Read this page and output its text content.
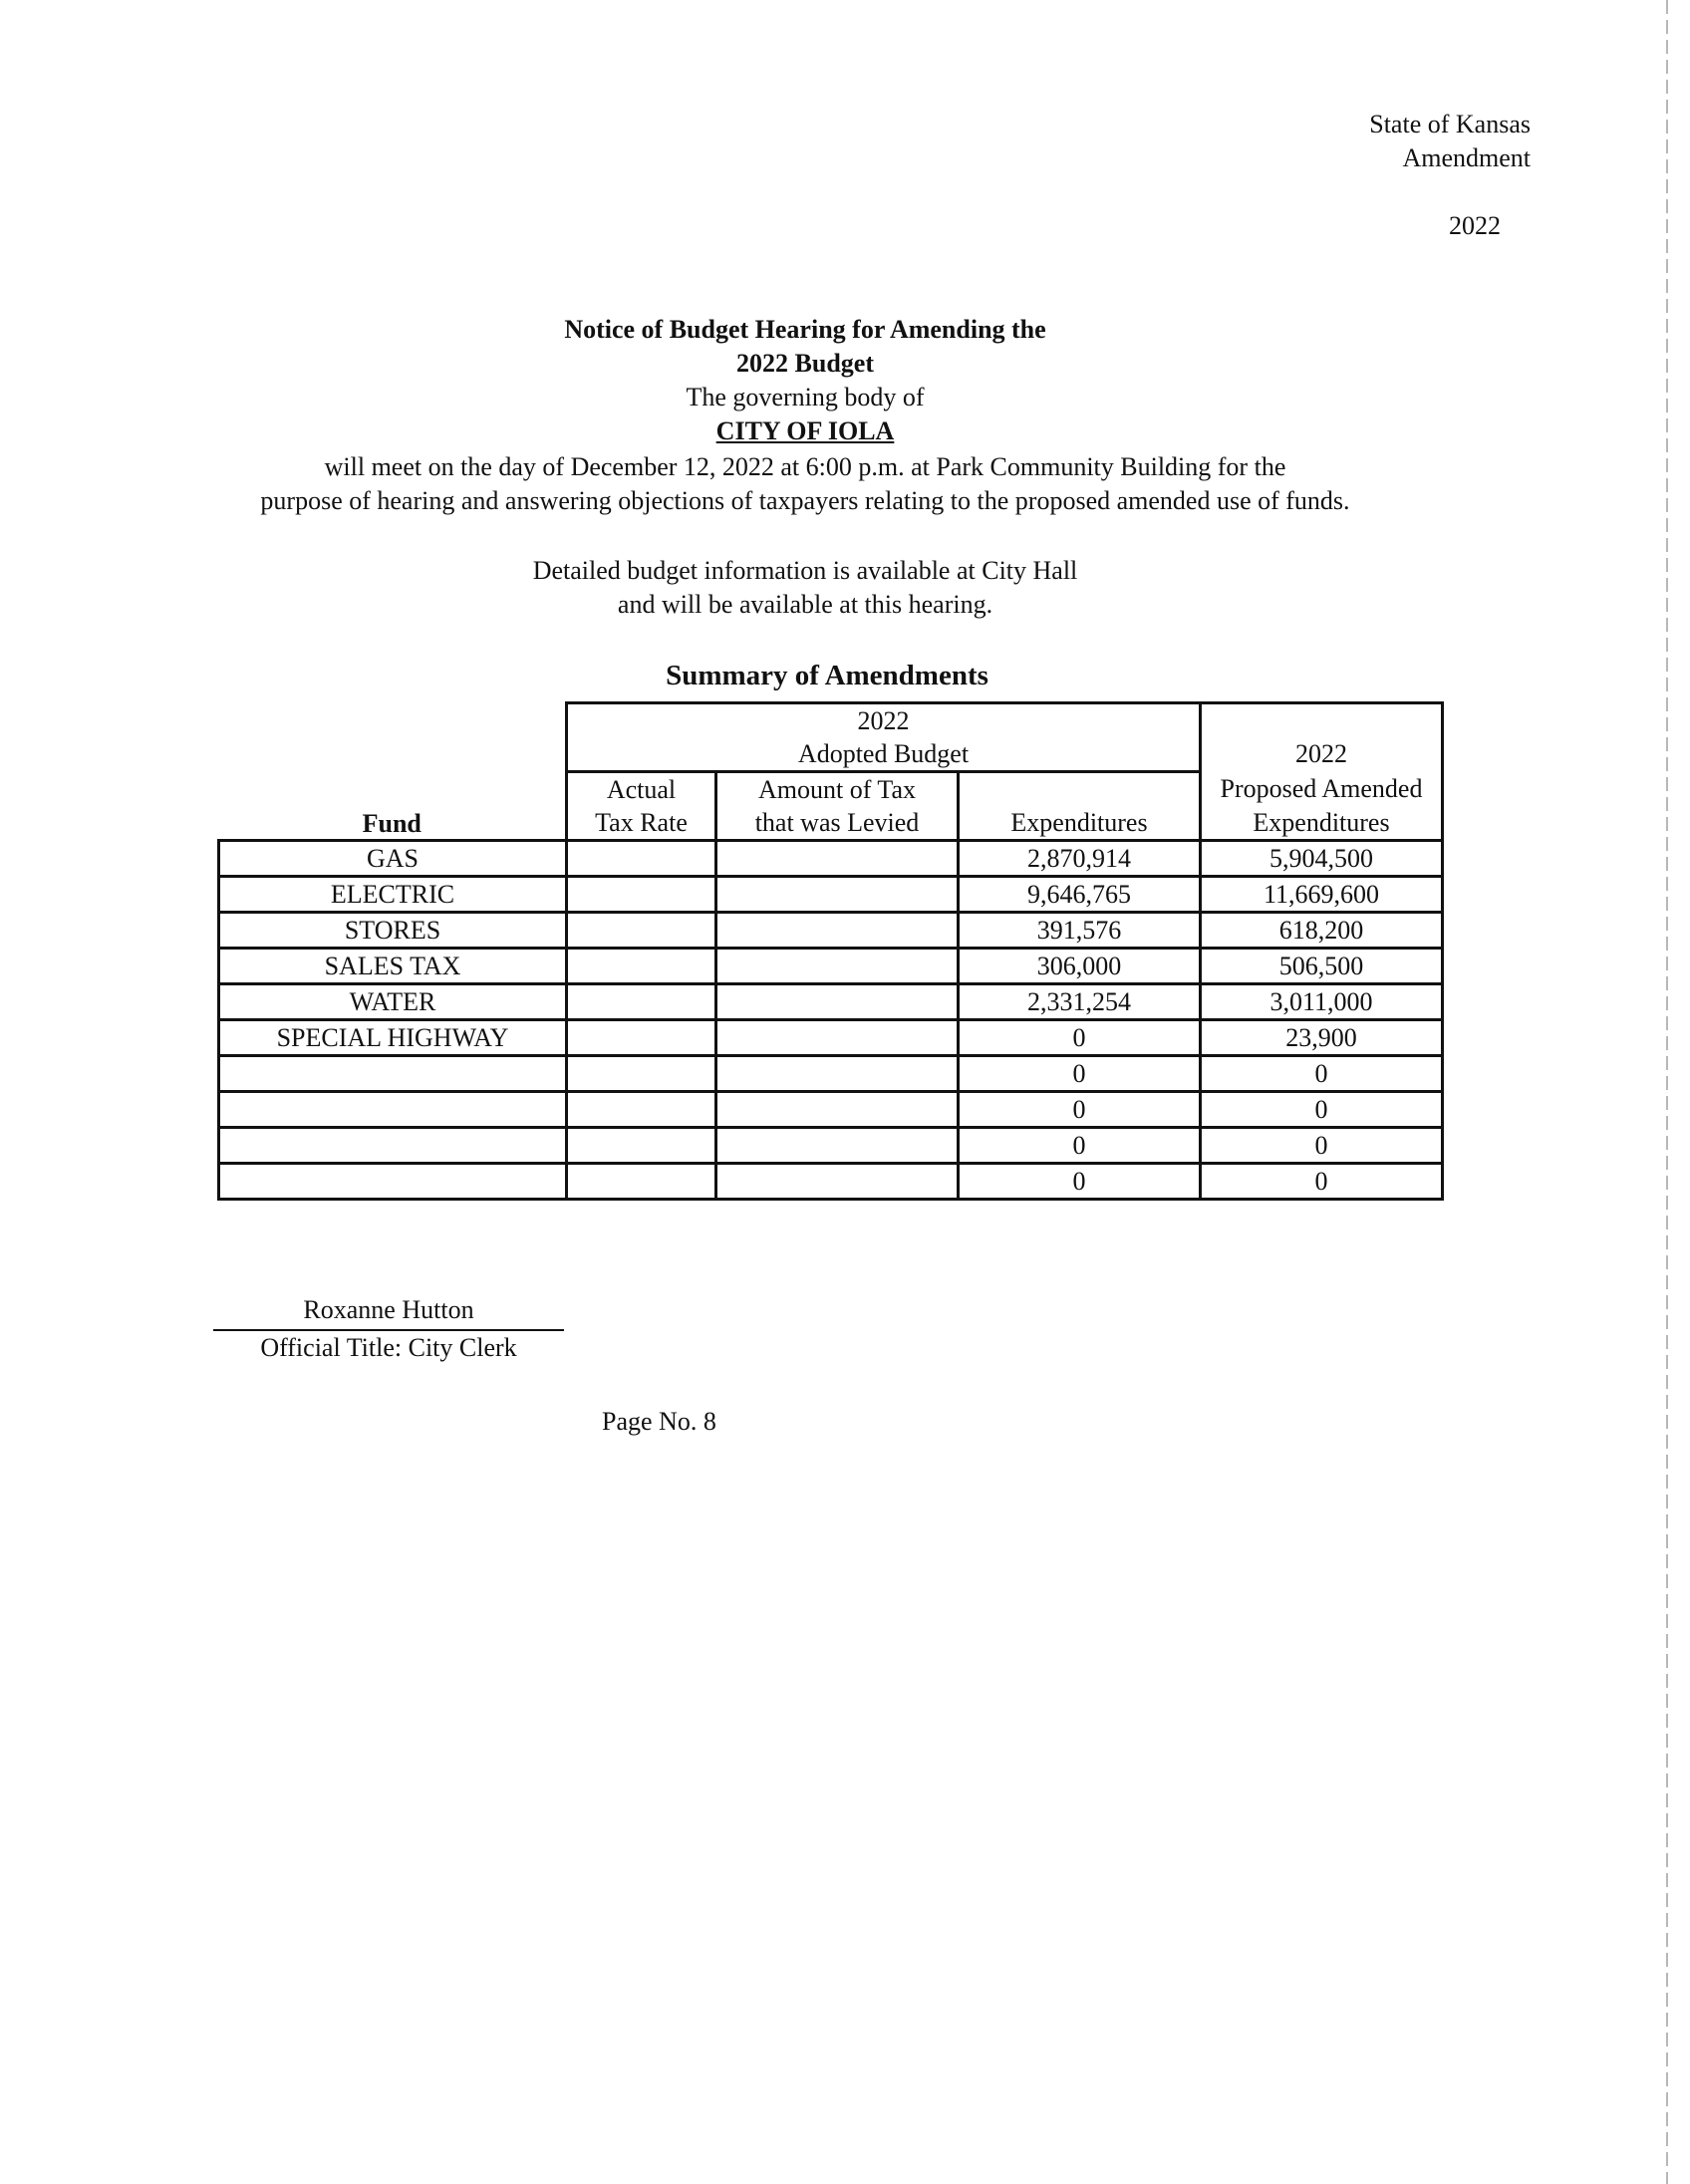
State of Kansas
Amendment
2022
Notice of Budget Hearing for Amending the
2022 Budget
The governing body of
CITY OF IOLA
will meet on the day of December 12, 2022 at 6:00 p.m. at Park Community Building for the
purpose of hearing and answering objections of taxpayers relating to the proposed amended use of funds.
Detailed budget information is available at City Hall
and will be available at this hearing.
Summary of Amendments
	2022			
	Adopted Budget			2022
	Actual	Amount of Tax		Proposed Amended
Fund	Tax Rate	that was Levied	Expenditures	Expenditures
GAS			2,870,914	5,904,500
ELECTRIC			9,646,765	11,669,600
STORES			391,576	618,200
SALES TAX			306,000	506,500
WATER			2,331,254	3,011,000
SPECIAL HIGHWAY			0	23,900
			0	0
			0	0
			0	0
			0	0
Roxanne Hutton
Official Title: City Clerk
Page No. 8
